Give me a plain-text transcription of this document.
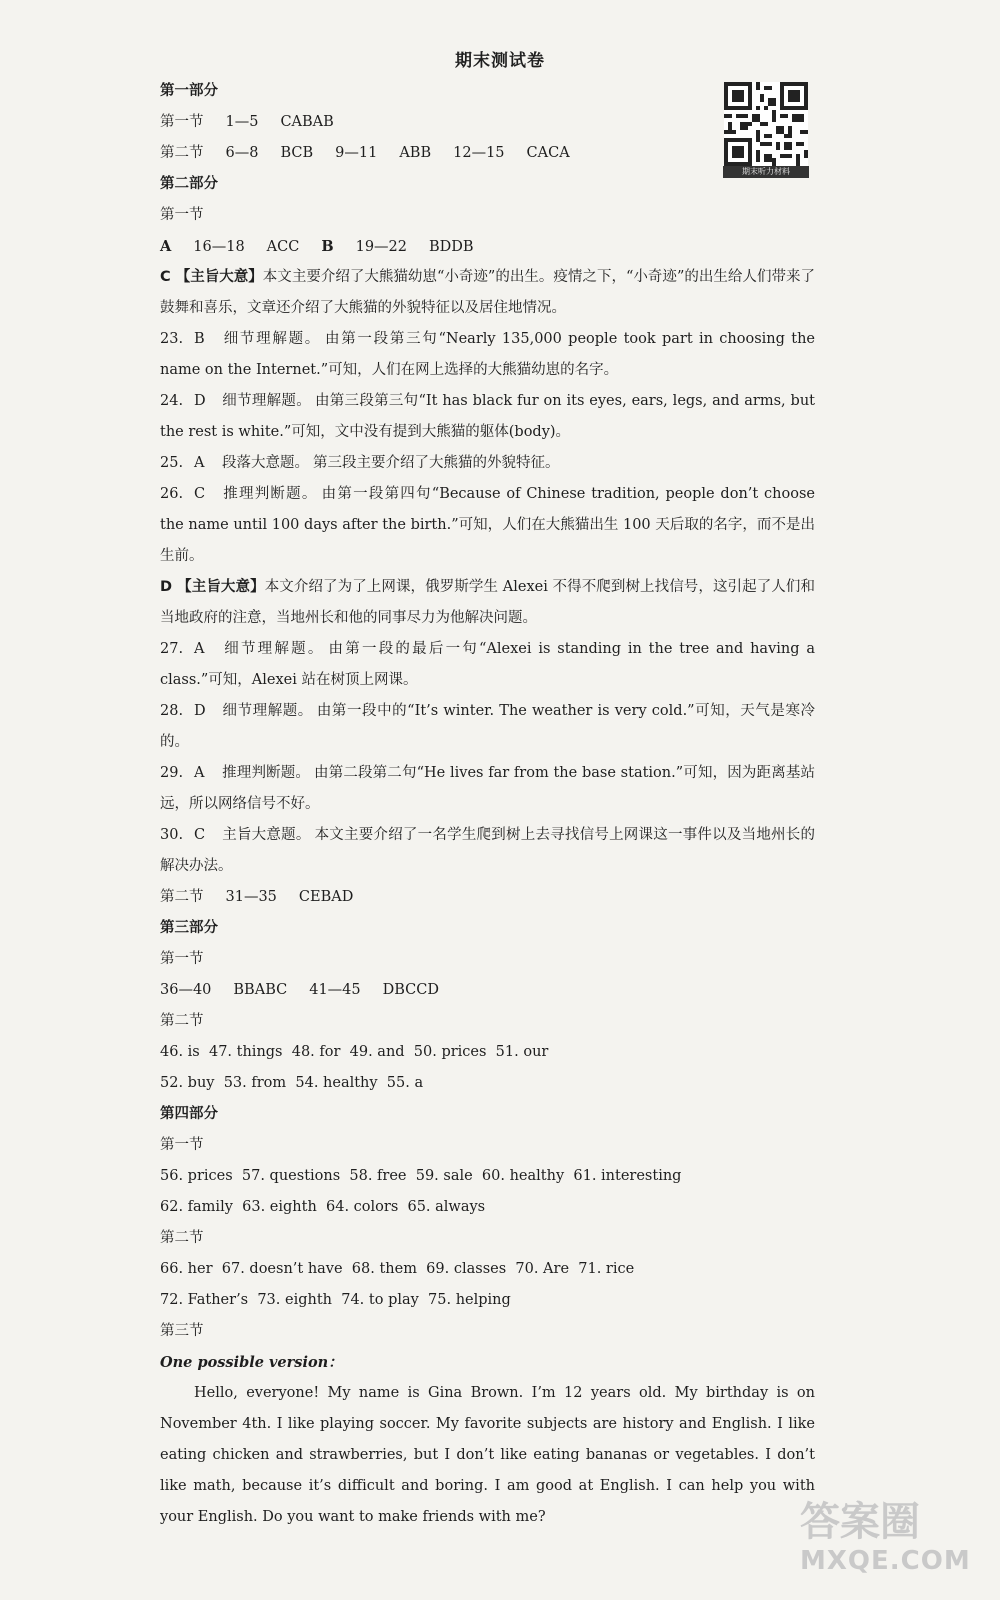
期末测试卷
期末听力材料
第一部分
第一节 1—5 CABAB
第二节 6—8 BCB 9—11 ABB 12—15 CACA
第二部分
第一节
A 16—18 ACC B 19—22 BDDB
C 【主旨大意】本文主要介绍了大熊猫幼崽“小奇迹”的出生。疫情之下，“小奇迹”的出生给人们带来了鼓舞和喜乐，文章还介绍了大熊猫的外貌特征以及居住地情况。
23. B 细节理解题。 由第一段第三句“Nearly 135,000 people took part in choosing the name on the Internet.”可知，人们在网上选择的大熊猫幼崽的名字。
24. D 细节理解题。 由第三段第三句“It has black fur on its eyes, ears, legs, and arms, but the rest is white.”可知，文中没有提到大熊猫的躯体(body)。
25. A 段落大意题。 第三段主要介绍了大熊猫的外貌特征。
26. C 推理判断题。 由第一段第四句“Because of Chinese tradition, people don’t choose the name until 100 days after the birth.”可知，人们在大熊猫出生 100 天后取的名字，而不是出生前。
D 【主旨大意】本文介绍了为了上网课，俄罗斯学生 Alexei 不得不爬到树上找信号，这引起了人们和当地政府的注意，当地州长和他的同事尽力为他解决问题。
27. A 细节理解题。 由第一段的最后一句“Alexei is standing in the tree and having a class.”可知，Alexei 站在树顶上网课。
28. D 细节理解题。 由第一段中的“It’s winter. The weather is very cold.”可知，天气是寒冷的。
29. A 推理判断题。 由第二段第二句“He lives far from the base station.”可知，因为距离基站远，所以网络信号不好。
30. C 主旨大意题。 本文主要介绍了一名学生爬到树上去寻找信号上网课这一事件以及当地州长的解决办法。
第二节 31—35 CEBAD
第三部分
第一节
36—40 BBABC 41—45 DBCCD
第二节
46. is  47. things  48. for  49. and  50. prices  51. our
52. buy  53. from  54. healthy  55. a
第四部分
第一节
56. prices  57. questions  58. free  59. sale  60. healthy  61. interesting
62. family  63. eighth  64. colors  65. always
第二节
66. her  67. doesn’t have  68. them  69. classes  70. Are  71. rice
72. Father’s  73. eighth  74. to play  75. helping
第三节
One possible version：
Hello, everyone! My name is Gina Brown. I’m 12 years old. My birthday is on November 4th. I like playing soccer. My favorite subjects are history and English. I like eating chicken and strawberries, but I don’t like eating bananas or vegetables. I don’t like math, because it’s difficult and boring. I am good at English. I can help you with your English. Do you want to make friends with me?	答案圈
MXQE.COM
